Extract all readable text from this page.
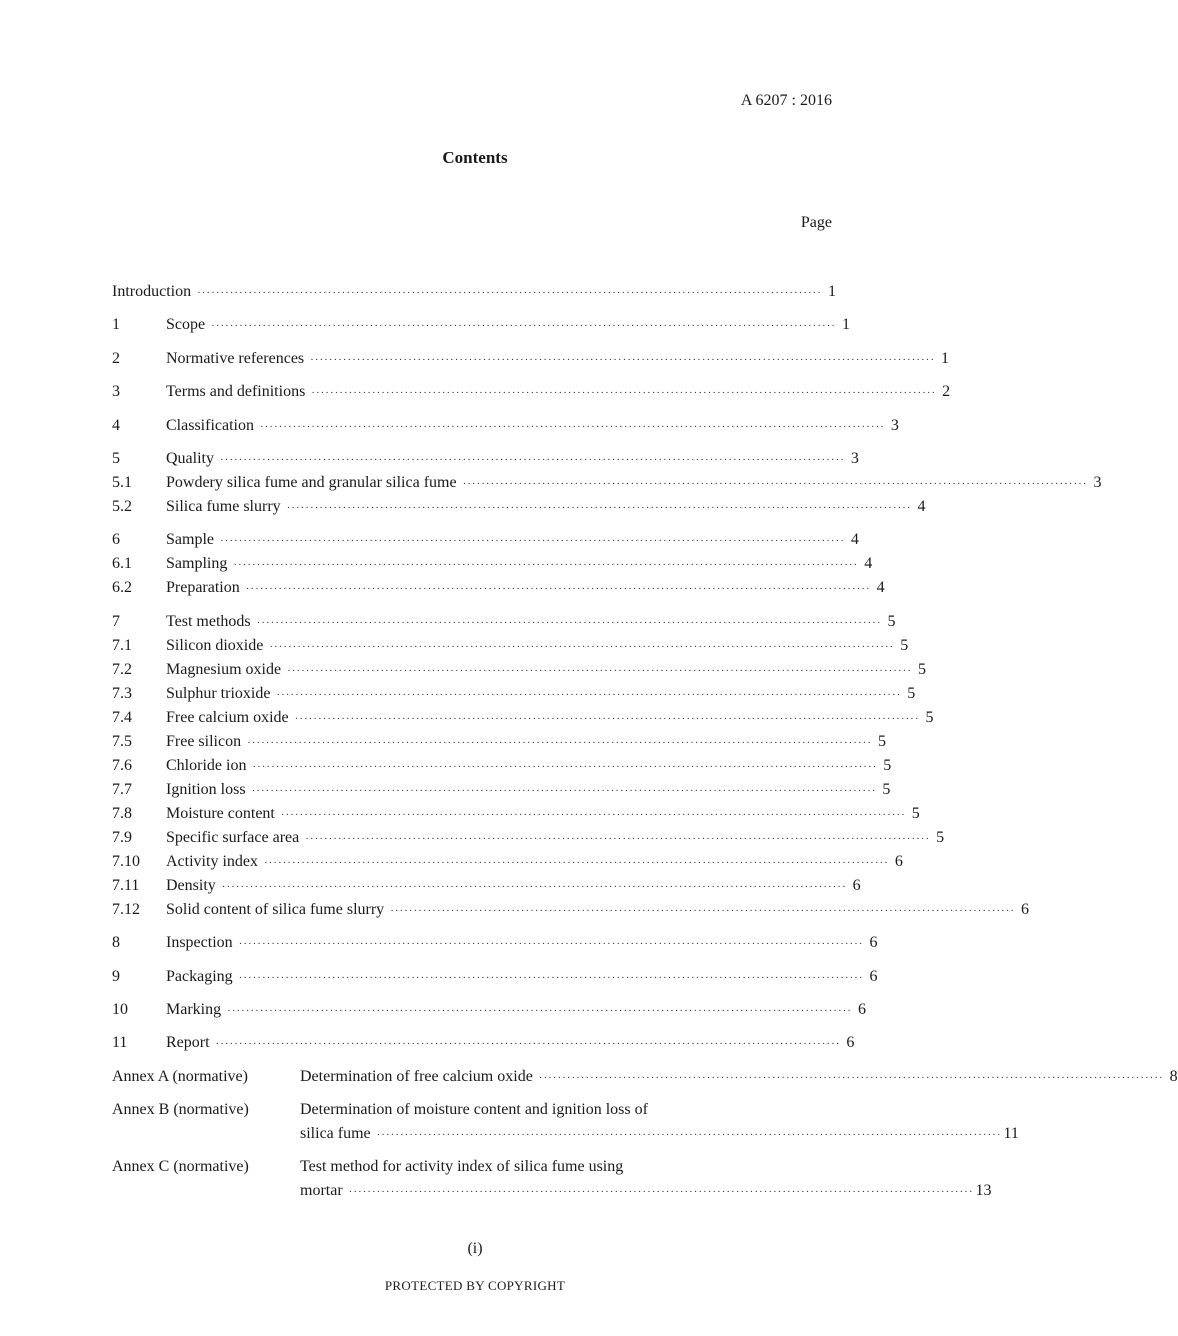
A 6207 : 2016
Contents
Page
Introduction ·····	1
1	Scope ·····	1
2	Normative references ·····	1
3	Terms and definitions ·····	2
4	Classification ·····	3
5	Quality ·····	3
5.1	Powdery silica fume and granular silica fume ·····	3
5.2	Silica fume slurry ·····	4
6	Sample ·····	4
6.1	Sampling ·····	4
6.2	Preparation ·····	4
7	Test methods ·····	5
7.1	Silicon dioxide ·····	5
7.2	Magnesium oxide ·····	5
7.3	Sulphur trioxide ·····	5
7.4	Free calcium oxide ·····	5
7.5	Free silicon ·····	5
7.6	Chloride ion ·····	5
7.7	Ignition loss ·····	5
7.8	Moisture content ·····	5
7.9	Specific surface area ·····	5
7.10	Activity index ·····	6
7.11	Density ·····	6
7.12	Solid content of silica fume slurry ·····	6
8	Inspection ·····	6
9	Packaging ·····	6
10	Marking ·····	6
11	Report ·····	6
Annex A (normative)	Determination of free calcium oxide ·····	8
Annex B (normative)	Determination of moisture content and ignition loss of
silica fume ·····	11
Annex C (normative)	Test method for activity index of silica fume using
mortar ·····	13
(i)
PROTECTED BY COPYRIGHT
